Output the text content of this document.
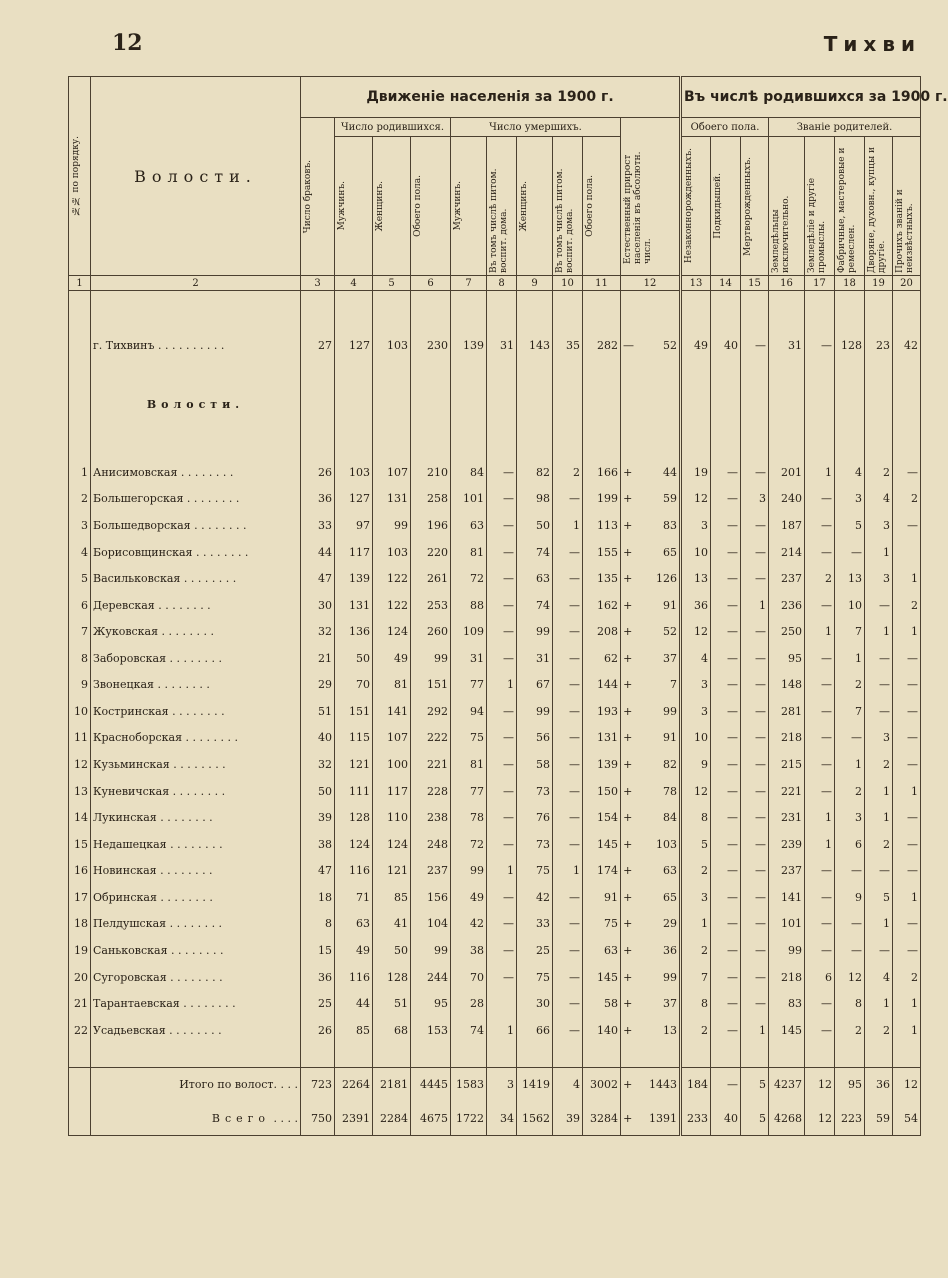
12	Тихви
№№ по порядку.	Волости.	Движеніе населенія за 1900 г.											Въ числѣ родившихся за 1900 г.							

		Число браковъ.	Число родившихся.			Число умершихъ.					Естественный прирост населенія въ абсолютн. числ.		Обоего пола.			Званіе родителей.				

			Мужчинъ.	Женщинъ.	Обоего пола.	Мужчинъ.	Въ томъ числѣ питом. воспит. дома.	Женщинъ.	Въ томъ числѣ питом. воспит. дома.	Обоего пола.			Незаконнорожденныхъ.	Подкидышей.	Мертворожденныхъ.	Земледѣльцы исключительно.	Земледѣліе и другіе промыслы.	Фабричные, мастеровые и ремеслен.	Дворяне, духовн., купцы и другіе.	Прочихъ званій и неизвѣстныхъ.

1	2	3	4	5	6	7	8	9	10	11	12		13	14	15	16	17	18	19	20

	г. Тихвинъ . . . . . . . . . .	27	127	103	230	139	31	143	35	282	—	52	49	40	—	31	—	128	23	42

	Волости.																			

1	Анисимовская . . . . . . . .	26	103	107	210	84	—	82	2	166	+	44	19	—	—	201	1	4	2	—
2	Большегорская . . . . . . . .	36	127	131	258	101	—	98	—	199	+	59	12	—	3	240	—	3	4	2
3	Большедворская . . . . . . . .	33	97	99	196	63	—	50	1	113	+	83	3	—	—	187	—	5	3	—
4	Борисовщинская . . . . . . . .	44	117	103	220	81	—	74	—	155	+	65	10	—	—	214	—	—	1	
5	Васильковская . . . . . . . .	47	139	122	261	72	—	63	—	135	+	126	13	—	—	237	2	13	3	1
6	Деревская . . . . . . . .	30	131	122	253	88	—	74	—	162	+	91	36	—	1	236	—	10	—	2
7	Жуковская . . . . . . . .	32	136	124	260	109	—	99	—	208	+	52	12	—	—	250	1	7	1	1
8	Заборовская . . . . . . . .	21	50	49	99	31	—	31	—	62	+	37	4	—	—	95	—	1	—	—
9	Звонецкая . . . . . . . .	29	70	81	151	77	1	67	—	144	+	7	3	—	—	148	—	2	—	—
10	Костринская . . . . . . . .	51	151	141	292	94	—	99	—	193	+	99	3	—	—	281	—	7	—	—
11	Красноборская . . . . . . . .	40	115	107	222	75	—	56	—	131	+	91	10	—	—	218	—	—	3	—
12	Кузьминская . . . . . . . .	32	121	100	221	81	—	58	—	139	+	82	9	—	—	215	—	1	2	—
13	Куневичская . . . . . . . .	50	111	117	228	77	—	73	—	150	+	78	12	—	—	221	—	2	1	1
14	Лукинская . . . . . . . .	39	128	110	238	78	—	76	—	154	+	84	8	—	—	231	1	3	1	—
15	Недашецкая . . . . . . . .	38	124	124	248	72	—	73	—	145	+	103	5	—	—	239	1	6	2	—
16	Новинская . . . . . . . .	47	116	121	237	99	1	75	1	174	+	63	2	—	—	237	—	—	—	—
17	Обринская . . . . . . . .	18	71	85	156	49	—	42	—	91	+	65	3	—	—	141	—	9	5	1
18	Пелдушская . . . . . . . .	8	63	41	104	42	—	33	—	75	+	29	1	—	—	101	—	—	1	—
19	Саньковская . . . . . . . .	15	49	50	99	38	—	25	—	63	+	36	2	—	—	99	—	—	—	—
20	Сугоровская . . . . . . . .	36	116	128	244	70	—	75	—	145	+	99	7	—	—	218	6	12	4	2
21	Тарантаевская . . . . . . . .	25	44	51	95	28		30	—	58	+	37	8	—	—	83	—	8	1	1
22	Усадьевская . . . . . . . .	26	85	68	153	74	1	66	—	140	+	13	2	—	1	145	—	2	2	1

	Итого по волост. . . .	723	2264	2181	4445	1583	3	1419	4	3002	+	1443	184	—	5	4237	12	95	36	12
	Всего . . . .	750	2391	2284	4675	1722	34	1562	39	3284	+	1391	233	40	5	4268	12	223	59	54
